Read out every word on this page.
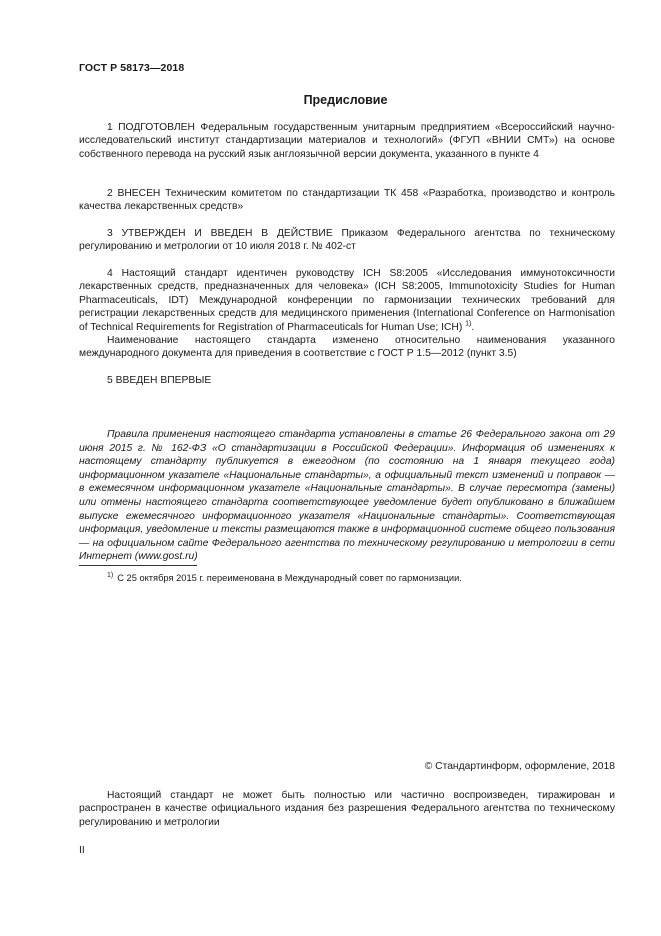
ГОСТ Р 58173—2018
Предисловие

1 ПОДГОТОВЛЕН Федеральным государственным унитарным предприятием «Всероссийский научно-исследовательский институт стандартизации материалов и технологий» (ФГУП «ВНИИ СМТ») на основе собственного перевода на русский язык англоязычной версии документа, указанного в пункте 4

2 ВНЕСЕН Техническим комитетом по стандартизации ТК 458 «Разработка, производство и контроль качества лекарственных средств»

3 УТВЕРЖДЕН И ВВЕДЕН В ДЕЙСТВИЕ Приказом Федерального агентства по техническому регулированию и метрологии от 10 июля 2018 г. № 402-ст

4 Настоящий стандарт идентичен руководству ICH S8:2005 «Исследования иммунотоксичности лекарственных средств, предназначенных для человека» (ICH S8:2005, Immunotoxicity Studies for Human Pharmaceuticals, IDT) Международной конференции по гармонизации технических требований для регистрации лекарственных средств для медицинского применения (International Conference on Harmonisation of Technical Requirements for Registration of Pharmaceuticals for Human Use; ICH) $^{1)}$.

Наименование настоящего стандарта изменено относительно наименования указанного международного документа для приведения в соответствие с ГОСТ Р 1.5—2012 (пункт 3.5)

5 ВВЕДЕН ВПЕРВЫЕ

Правила применения настоящего стандарта установлены в статье 26 Федерального закона от 29 июня 2015 г. № 162-ФЗ «О стандартизации в Российской Федерации». Информация об изменениях к настоящему стандарту публикуется в ежегодном (по состоянию на 1 января текущего года) информационном указателе «Национальные стандарты», а официальный текст изменений и поправок — в ежемесячном информационном указателе «Национальные стандарты». В случае пересмотра (замены) или отмены настоящего стандарта соответствующее уведомление будет опубликовано в ближайшем выпуске ежемесячного информационного указателя «Национальные стандарты». Соответствующая информация, уведомление и тексты размещаются также в информационной системе общего пользования — на официальном сайте Федерального агентства по техническому регулированию и метрологии в сети Интернет (www.gost.ru)

$^{1)}$ С 25 октября 2015 г. переименована в Международный совет по гармонизации.
© Стандартинформ, оформление, 2018

Настоящий стандарт не может быть полностью или частично воспроизведен, тиражирован и распространен в качестве официального издания без разрешения Федерального агентства по техническому регулированию и метрологии

II
